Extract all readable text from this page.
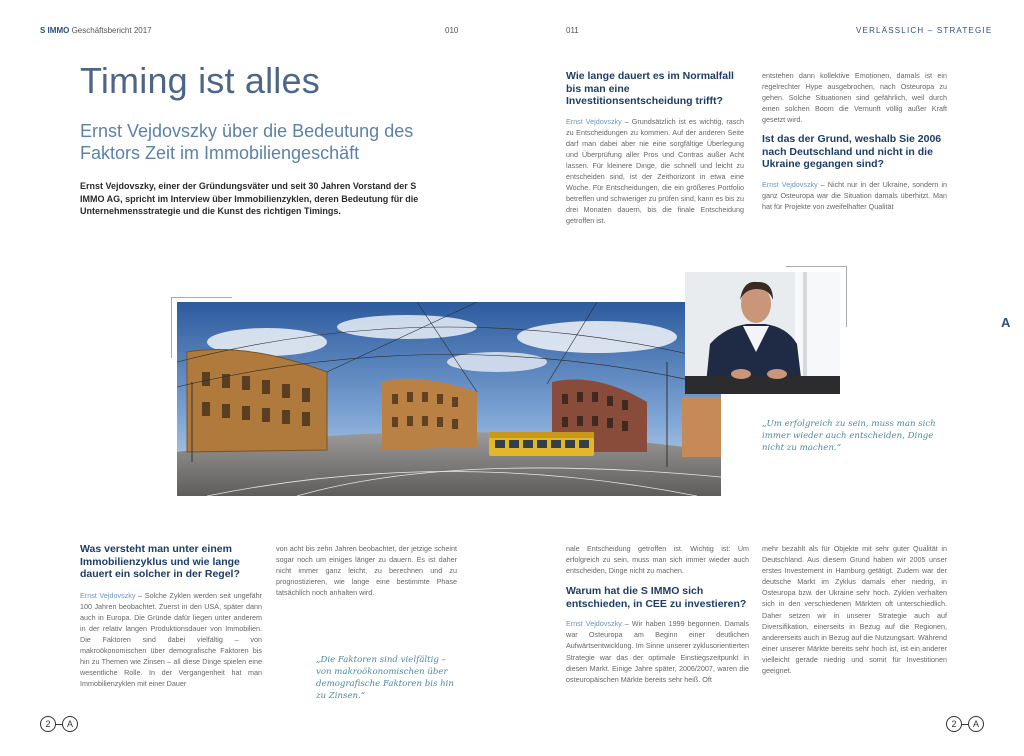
S IMMO Geschäftsbericht 2017	010	011	VERLÄSSLICH – STRATEGIE
Timing ist alles
Ernst Vejdovszky über die Bedeutung des Faktors Zeit im Immobiliengeschäft
Ernst Vejdovszky, einer der Gründungsväter und seit 30 Jahren Vorstand der S IMMO AG, spricht im Interview über Immobilienzyklen, deren Bedeutung für die Unternehmensstrategie und die Kunst des richtigen Timings.
Wie lange dauert es im Normalfall bis man eine Investitionsentscheidung trifft?
Ernst Vejdovszky – Grundsätzlich ist es wichtig, rasch zu Entscheidungen zu kommen. Auf der anderen Seite darf man dabei aber nie eine sorgfältige Überlegung und Überprüfung aller Pros und Contras außer Acht lassen. Für kleinere Dinge, die schnell und leicht zu entscheiden sind, ist der Zeithorizont in etwa eine Woche. Für Entscheidungen, die ein größeres Portfolio betreffen und schwieriger zu prüfen sind, kann es bis zu drei Monaten dauern, bis die finale Entscheidung getroffen ist.
entstehen dann kollektive Emotionen, damals ist ein regelrechter Hype ausgebrochen, nach Osteuropa zu gehen. Solche Situationen sind gefährlich, weil durch einen solchen Boom die Vernunft völlig außer Kraft gesetzt wird.
Ist das der Grund, weshalb Sie 2006 nach Deutschland und nicht in die Ukraine gegangen sind?
Ernst Vejdovszky – Nicht nur in der Ukraine, sondern in ganz Osteuropa war die Situation damals überhitzt. Man hat für Projekte von zweifelhafter Qualität
A
„Um erfolgreich zu sein, muss man sich immer wieder auch entscheiden, Dinge nicht zu machen.“
Was versteht man unter einem Immobilienzyklus und wie lange dauert ein solcher in der Regel?
Ernst Vejdovszky – Solche Zyklen werden seit ungefähr 100 Jahren beobachtet. Zuerst in den USA, später dann auch in Europa. Die Gründe dafür liegen unter anderem in der relativ langen Produktionsdauer von Immobilien. Die Faktoren sind dabei vielfältig – von makroökonomischen über demografische Faktoren bis hin zu Themen wie Zinsen – all diese Dinge spielen eine wesentliche Rolle. In der Vergangenheit hat man Immobilienzyklen mit einer Dauer
von acht bis zehn Jahren beobachtet, der jetzige scheint sogar noch um einiges länger zu dauern. Es ist daher nicht immer ganz leicht, zu berechnen und zu prognostizieren, wie lange eine bestimmte Phase tatsächlich noch anhalten wird.
„Die Faktoren sind vielfältig – von makroökonomischen über demografische Faktoren bis hin zu Zinsen.“
nale Entscheidung getroffen ist. Wichtig ist: Um erfolgreich zu sein, muss man sich immer wieder auch entscheiden, Dinge nicht zu machen.
Warum hat die S IMMO sich entschieden, in CEE zu investieren?
Ernst Vejdovszky – Wir haben 1999 begonnen. Damals war Osteuropa am Beginn einer deutlichen Aufwärtsentwicklung. Im Sinne unserer zyklusorientierten Strategie war das der optimale Einstiegszeitpunkt in diesen Markt. Einige Jahre später, 2006/2007, waren die osteuropäischen Märkte bereits sehr heiß. Oft
mehr bezahlt als für Objekte mit sehr guter Qualität in Deutschland. Aus diesem Grund haben wir 2005 unser erstes Investement in Hamburg getätigt. Zudem war der deutsche Markt im Zyklus damals eher niedrig, in Osteuropa bzw. der Ukraine sehr hoch. Zyklen verhalten sich in den verschiedenen Märkten oft unterschiedlich. Daher setzen wir in unserer Strategie auch auf Diversifikation, einerseits in Bezug auf die Regionen, andererseits auch in Bezug auf die Nutzungsart. Während einer unserer Märkte bereits sehr hoch ist, ist ein anderer vielleicht gerade niedrig und somit für Investitionen geeignet.
2	A	2	A
